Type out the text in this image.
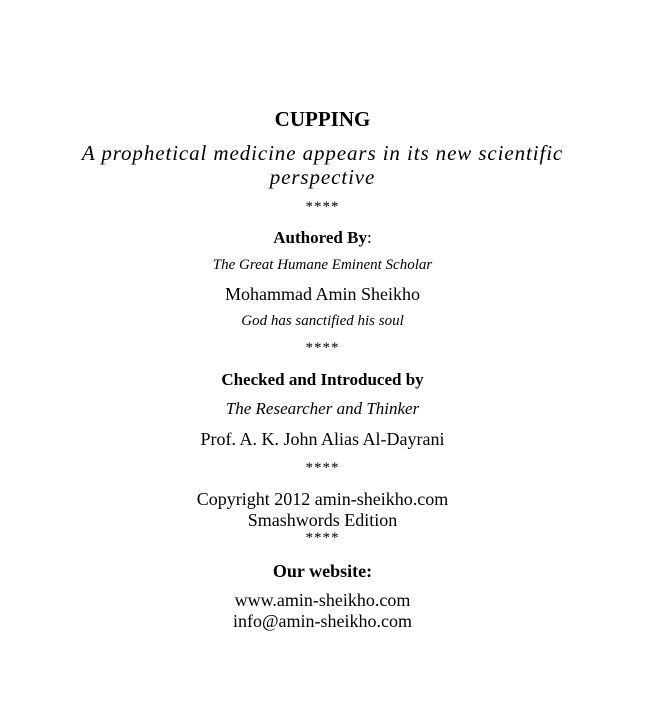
CUPPING
A prophetical medicine appears in its new scientific
perspective
****
Authored By:
The Great Humane Eminent Scholar
Mohammad Amin Sheikho
God has sanctified his soul
****
Checked and Introduced by
The Researcher and Thinker
Prof. A. K. John Alias Al-Dayrani
****
Copyright 2012 amin-sheikho.com
Smashwords Edition
****
Our website:
www.amin-sheikho.com
info@amin-sheikho.com
